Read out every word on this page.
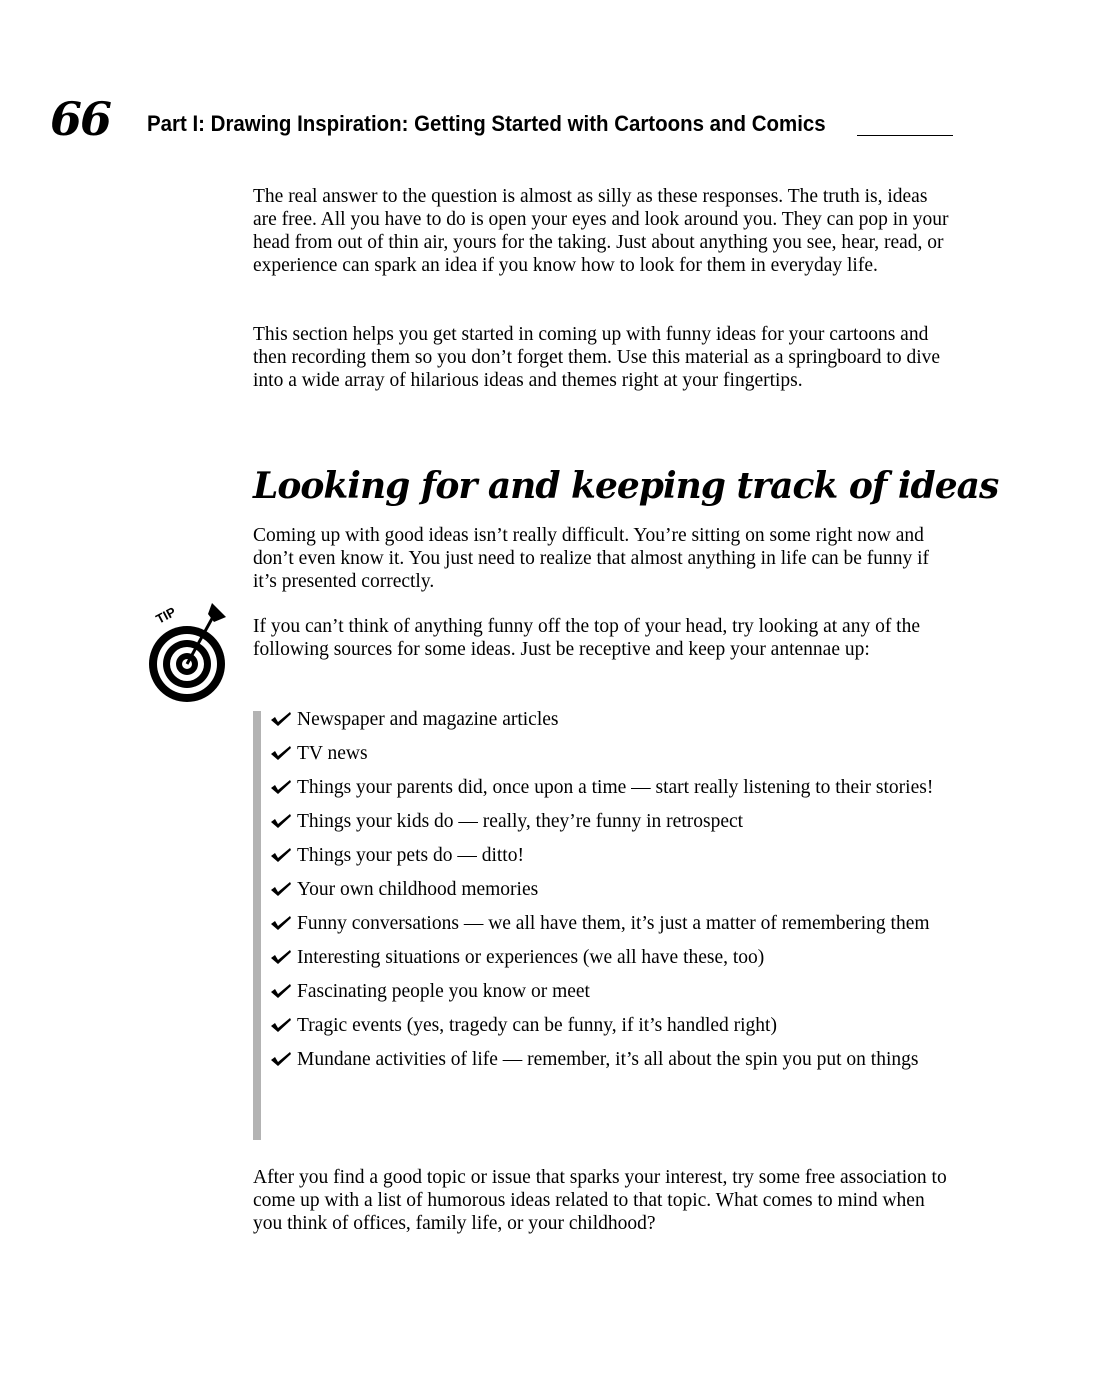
66 Part I: Drawing Inspiration: Getting Started with Cartoons and Comics

The real answer to the question is almost as silly as these responses. The truth is, ideas are free. All you have to do is open your eyes and look around you. They can pop in your head from out of thin air, yours for the taking. Just about anything you see, hear, read, or experience can spark an idea if you know how to look for them in everyday life.

This section helps you get started in coming up with funny ideas for your cartoons and then recording them so you don’t forget them. Use this material as a springboard to dive into a wide array of hilarious ideas and themes right at your fingertips.

Looking for and keeping track of ideas

Coming up with good ideas isn’t really difficult. You’re sitting on some right now and don’t even know it. You just need to realize that almost anything in life can be funny if it’s presented correctly.

TIP	If you can’t think of anything funny off the top of your head, try looking at any of the following sources for some ideas. Just be receptive and keep your antennae up:

Newspaper and magazine articles
TV news
Things your parents did, once upon a time — start really listening to their stories!
Things your kids do — really, they’re funny in retrospect
Things your pets do — ditto!
Your own childhood memories
Funny conversations — we all have them, it’s just a matter of remembering them
Interesting situations or experiences (we all have these, too)
Fascinating people you know or meet
Tragic events (yes, tragedy can be funny, if it’s handled right)
Mundane activities of life — remember, it’s all about the spin you put on things

After you find a good topic or issue that sparks your interest, try some free association to come up with a list of humorous ideas related to that topic. What comes to mind when you think of offices, family life, or your childhood?
